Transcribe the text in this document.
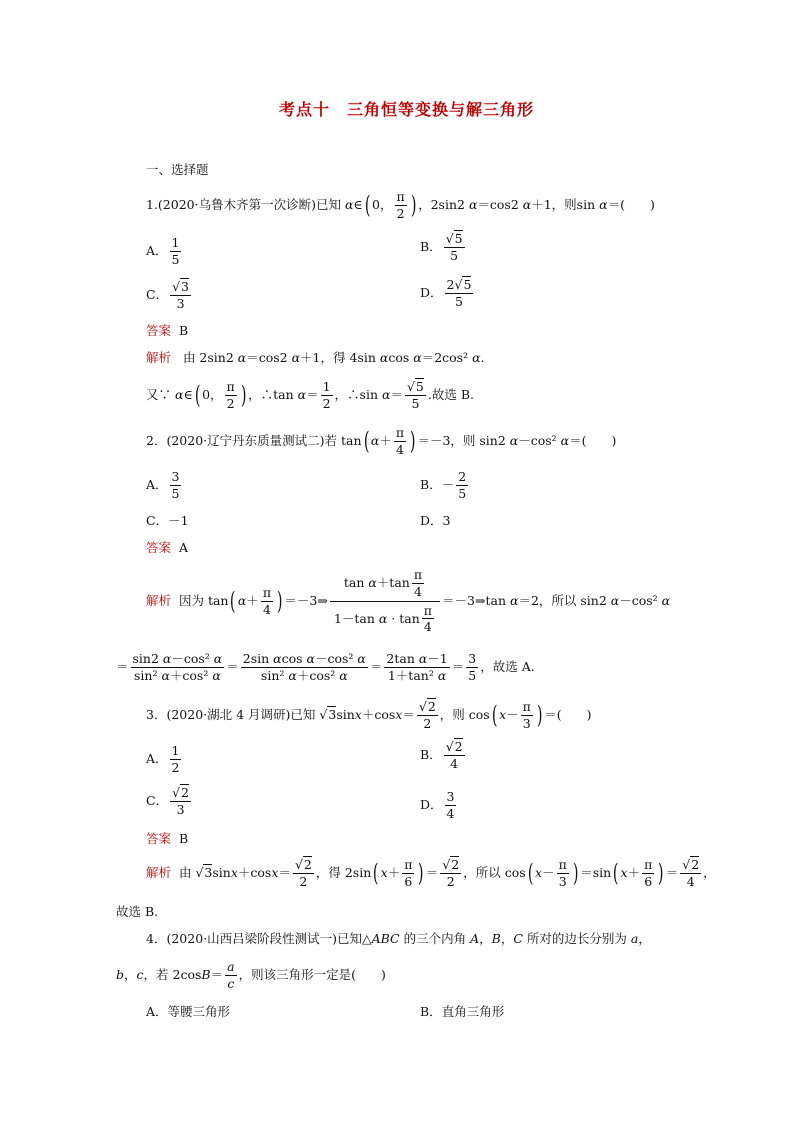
考点十　三角恒等变换与解三角形
一、选择题
1.(2020·乌鲁木齐第一次诊断)已知 α∈( 0， $\frac{\pi}{2}$ ) ，2sin2 α＝cos2 α＋1，则sin α＝(　　)
A． $\frac{1}{5}$	B． $\frac{√5}{5}$
C． $\frac{√3}{3}$	D． $\frac{2√5}{5}$
答案 B
解析 由 2sin2 α＝cos2 α＋1，得 4sin αcos α＝2cos² α.
又∵ α∈( 0， $\frac{\pi}{2}$ ) ，∴tan $\alpha= \frac{1}{2}$ ，∴sin $\alpha= \frac{√5}{5}$ .故选 B.
2．(2020·辽宁丹东质量测试二)若 tan( $\alpha+ \frac{\pi}{4}$ ) ＝－3，则 sin2 α－cos² α＝(　　)
A． $\frac{3}{5}$	B． － $\frac{2}{5}$
C．－1	D．3
答案 A
解析
因为 tan( $\alpha+ \frac{\pi}{4}$ ) ＝－3⇒ $\frac{\tan \alpha+\tan \frac{\pi}{4}}{1-\tan \alpha \cdot \tan \frac{\pi}{4}}$ ＝－3⇒tan α＝2，所以 sin2 α－cos² α
＝ $\frac{\text{sin2 α－cos² α}}{\text{sin² α＋cos² α}} = \frac{\text{2sin αcos α－cos² α}}{\text{sin² α＋cos² α}} = \frac{\text{2tan α－1}}{\text{1＋tan² α}} = \frac{3}{5}$ ，故选 A.
3．(2020·湖北 4 月调研)已知 $√3\sin x+\cos x= \frac{√2}{2}$ ，则 cos( $x- \frac{\pi}{3}$ ) ＝(　　)
A． $\frac{1}{2}$	B． $\frac{√2}{4}$
C． $\frac{√2}{3}$	D． $\frac{3}{4}$
答案 B
解析
由 $√3\sin x+\cos x= \frac{√2}{2}$ ，得 2sin( $x+ \frac{\pi}{6}$ ) ＝ $\frac{√2}{2}$ ，所以 cos( $x- \frac{\pi}{3}$ ) ＝sin( $x+ \frac{\pi}{6}$ ) ＝ $\frac{√2}{4}$ ，
故选 B.
4．(2020·山西吕梁阶段性测试一)已知△ABC 的三个内角 A，B，C 所对的边长分别为 a，
b，c，若 $2\cos B= \frac{a}{c}$ ，则该三角形一定是(　　)
A．等腰三角形	B．直角三角形
